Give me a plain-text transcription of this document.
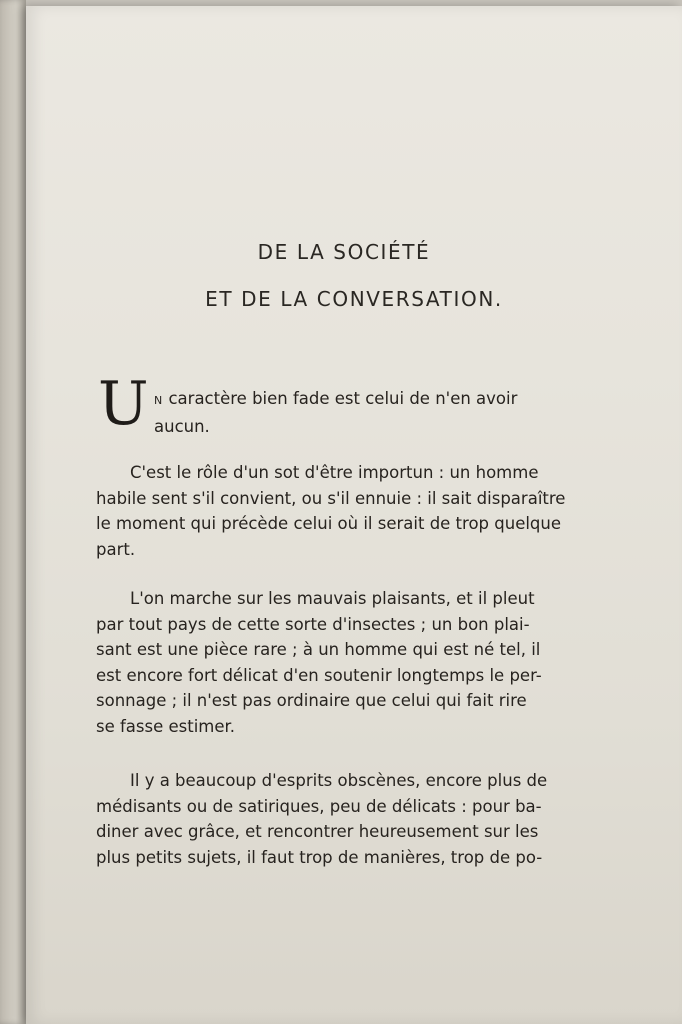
DE LA SOCIÉTÉ
ET DE LA CONVERSATION.
U N caractère bien fade est celui de n'en avoir
aucun.
C'est le rôle d'un sot d'être importun : un homme
habile sent s'il convient, ou s'il ennuie : il sait disparaître
le moment qui précède celui où il serait de trop quelque
part.
L'on marche sur les mauvais plaisants, et il pleut
par tout pays de cette sorte d'insectes ; un bon plai-
sant est une pièce rare ; à un homme qui est né tel, il
est encore fort délicat d'en soutenir longtemps le per-
sonnage ; il n'est pas ordinaire que celui qui fait rire
se fasse estimer.
Il y a beaucoup d'esprits obscènes, encore plus de
médisants ou de satiriques, peu de délicats : pour ba-
diner avec grâce, et rencontrer heureusement sur les
plus petits sujets, il faut trop de manières, trop de po-
